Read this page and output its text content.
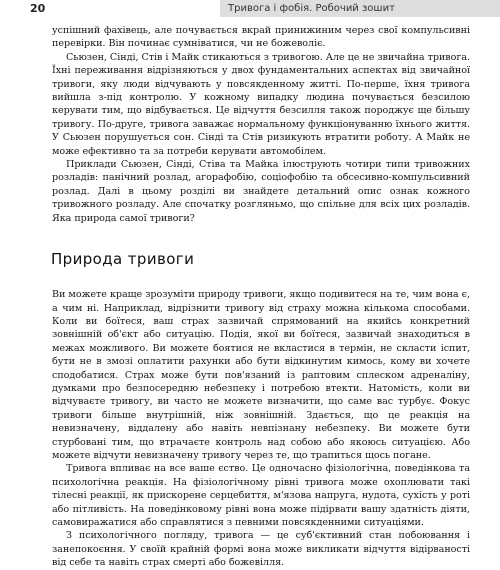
20	Тривога і фобія. Робочий зошит

успішний фахівець, але почувається вкрай принижиним через свої компульсивні перевірки. Він починає сумніватися, чи не божеволіє.

Сьюзен, Сінді, Стів і Майк стикаються з тривогою. Але це не звичайна тривога. Їхні переживання відрізняються у двох фундаментальних аспектах від звичайної тривоги, яку люди відчувають у повсякденному житті. По-перше, їхня тривога вийшла з-під контролю. У кожному випадку людина почувається безсилою керувати тим, що відбувається. Це відчуття безсилля також породжує ще більшу тривогу. По-друге, тривога заважає нормальному функціонуванню їхнього життя. У Сьюзен порушується сон. Сінді та Стів ризикують втратити роботу. А Майк не може ефективно та за потреби керувати автомобілем.

Приклади Сьюзен, Сінді, Стіва та Майка ілюструють чотири типи тривожних розладів: панічний розлад, агорафобію, соціофобію та обсесивно-компульсивний розлад. Далі в цьому розділі ви знайдете детальний опис ознак кожного тривожного розладу. Але спочатку розгляньмо, що спільне для всіх цих розладів. Яка природа самої тривоги?

Природа тривоги

Ви можете краще зрозуміти природу тривоги, якщо подивитеся на те, чим вона є, а чим ні. Наприклад, відрізнити тривогу від страху можна кількома способами. Коли ви боїтеся, ваш страх зазвичай спрямований на якийсь конкретний зовнішній об'єкт або ситуацію. Подія, якої ви боїтеся, зазвичай знаходиться в межах можливого. Ви можете боятися не вкластися в термін, не скласти іспит, бути не в змозі оплатити рахунки або бути відкинутим кимось, кому ви хочете сподобатися. Страх може бути пов'язаний із раптовим сплеском адреналіну, думками про безпосередню небезпеку і потребою втекти. Натомість, коли ви відчуваєте тривогу, ви часто не можете визначити, що саме вас турбує. Фокус тривоги більше внутрішній, ніж зовнішній. Здається, що це реакція на невизначену, віддалену або навіть невпізнану небезпеку. Ви можете бути стурбовані тим, що втрачаєте контроль над собою або якоюсь ситуацією. Або можете відчути невизначену тривогу через те, що трапиться щось погане.

Тривога впливає на все ваше єство. Це одночасно фізіологічна, поведінкова та психологічна реакція. На фізіологічному рівні тривога може охоплювати такі тілесні реакції, як прискорене серцебиття, м'язова напруга, нудота, сухість у роті або пітливість. На поведінковому рівні вона може підірвати вашу здатність діяти, самовиражатися або справлятися з певними повсякденними ситуаціями.

З психологічного погляду, тривога — це суб'єктивний стан побоювання і занепокоєння. У своїй крайній формі вона може викликати відчуття відірваності від себе та навіть страх смерті або божевілля.
